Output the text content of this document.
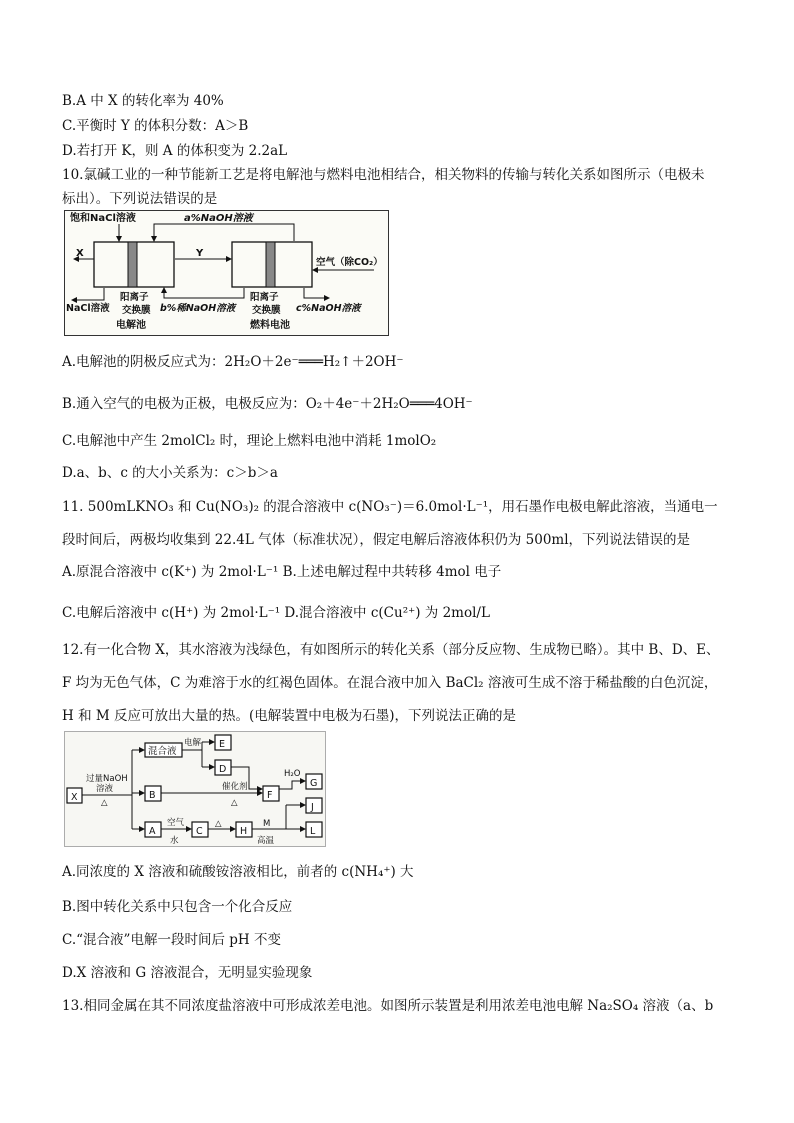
B.A 中 X 的转化率为 40%
C.平衡时 Y 的体积分数：A＞B
D.若打开 K，则 A 的体积变为 2.2aL
10.氯碱工业的一种节能新工艺是将电解池与燃料电池相结合，相关物料的传输与转化关系如图所示（电极未
标出）。下列说法错误的是
饱和NaCl溶液	a%NaOH溶液
X	Y
空气（除CO₂）
NaCl溶液
阳离子
交换膜 b%稀NaOH溶液
阳离子
交换膜 c%NaOH溶液
电解池	燃料电池
A.电解池的阴极反应式为：2H₂O＋2e⁻═══H₂↑＋2OH⁻
B.通入空气的电极为正极，电极反应为：O₂＋4e⁻＋2H₂O═══4OH⁻
C.电解池中产生 2molCl₂ 时，理论上燃料电池中消耗 1molO₂
D.a、b、c 的大小关系为：c＞b＞a
11. 500mLKNO₃ 和 Cu(NO₃)₂ 的混合溶液中 c(NO₃⁻)＝6.0mol·L⁻¹，用石墨作电极电解此溶液，当通电一
段时间后，两极均收集到 22.4L 气体（标准状况），假定电解后溶液体积仍为 500ml，下列说法错误的是
A.原混合溶液中 c(K⁺) 为 2mol·L⁻¹ B.上述电解过程中共转移 4mol 电子
C.电解后溶液中 c(H⁺) 为 2mol·L⁻¹ D.混合溶液中 c(Cu²⁺) 为 2mol/L
12.有一化合物 X，其水溶液为浅绿色，有如图所示的转化关系（部分反应物、生成物已略）。其中 B、D、E、
F 均为无色气体，C 为难溶于水的红褐色固体。在混合液中加入 BaCl₂ 溶液可生成不溶于稀盐酸的白色沉淀，
H 和 M 反应可放出大量的热。(电解装置中电极为石墨)，下列说法正确的是
X
混合液
E
D
B	F
G
J
A	C	H	L
过量NaOH
溶液
△
电解
H₂O
催化剂
△
空气
水
△	M
高温
A.同浓度的 X 溶液和硫酸铵溶液相比，前者的 c(NH₄⁺) 大
B.图中转化关系中只包含一个化合反应
C.“混合液”电解一段时间后 pH 不变
D.X 溶液和 G 溶液混合，无明显实验现象
13.相同金属在其不同浓度盐溶液中可形成浓差电池。如图所示装置是利用浓差电池电解 Na₂SO₄ 溶液（a、b
